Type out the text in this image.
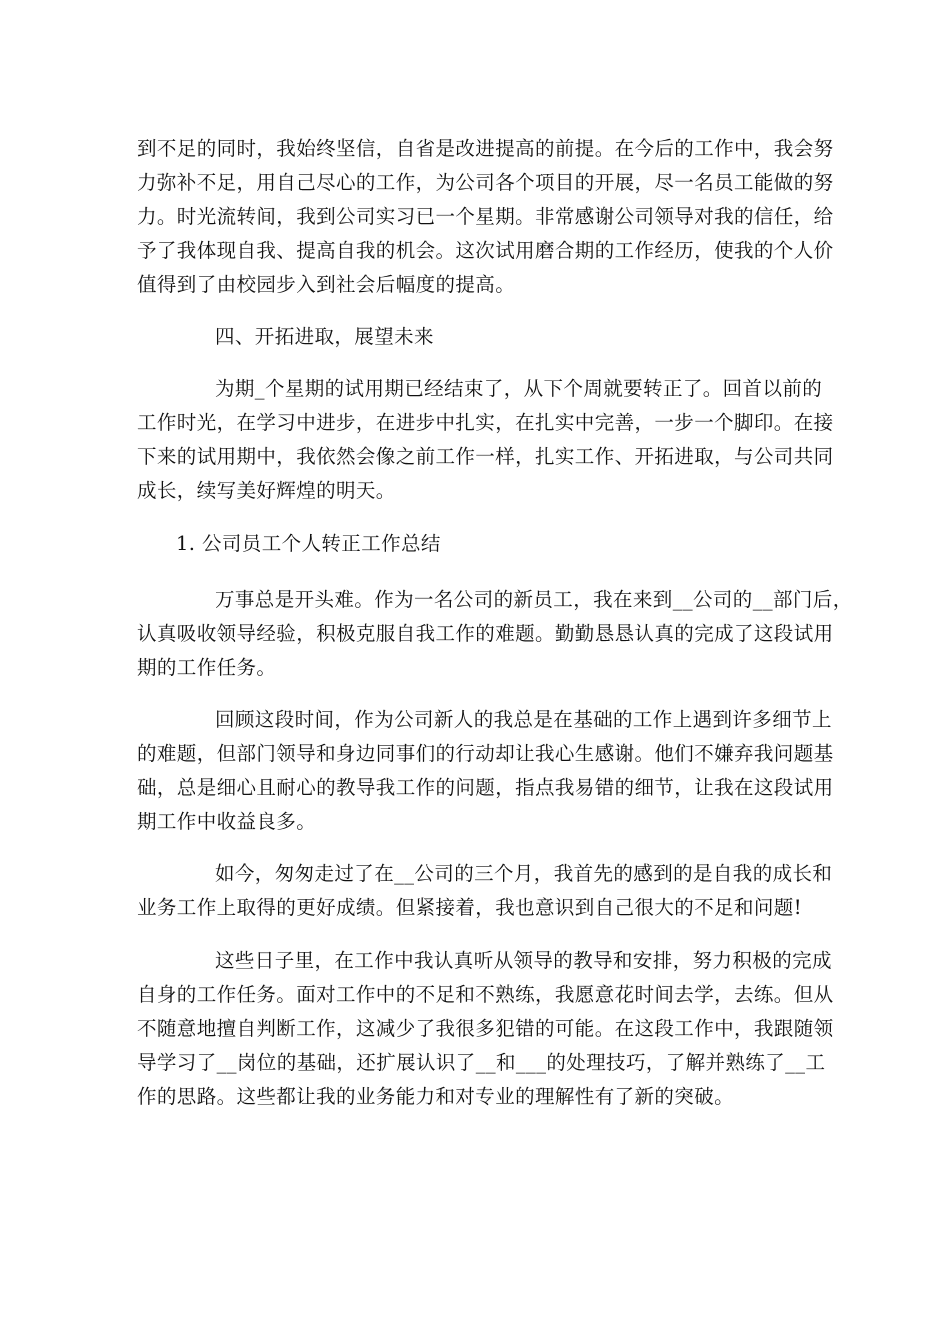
到不足的同时，我始终坚信，自省是改进提高的前提。在今后的工作中，我会努
力弥补不足，用自己尽心的工作，为公司各个项目的开展，尽一名员工能做的努
力。时光流转间，我到公司实习已一个星期。非常感谢公司领导对我的信任，给
予了我体现自我、提高自我的机会。这次试用磨合期的工作经历，使我的个人价
值得到了由校园步入到社会后幅度的提高。
四、开拓进取，展望未来
为期_个星期的试用期已经结束了，从下个周就要转正了。回首以前的
工作时光，在学习中进步，在进步中扎实，在扎实中完善，一步一个脚印。在接
下来的试用期中，我依然会像之前工作一样，扎实工作、开拓进取，与公司共同
成长，续写美好辉煌的明天。
1. 公司员工个人转正工作总结
万事总是开头难。作为一名公司的新员工，我在来到__公司的__部门后，
认真吸收领导经验，积极克服自我工作的难题。勤勤恳恳认真的完成了这段试用
期的工作任务。
回顾这段时间，作为公司新人的我总是在基础的工作上遇到许多细节上
的难题，但部门领导和身边同事们的行动却让我心生感谢。他们不嫌弃我问题基
础，总是细心且耐心的教导我工作的问题，指点我易错的细节，让我在这段试用
期工作中收益良多。
如今，匆匆走过了在__公司的三个月，我首先的感到的是自我的成长和
业务工作上取得的更好成绩。但紧接着，我也意识到自己很大的不足和问题!
这些日子里，在工作中我认真听从领导的教导和安排，努力积极的完成
自身的工作任务。面对工作中的不足和不熟练，我愿意花时间去学，去练。但从
不随意地擅自判断工作，这减少了我很多犯错的可能。在这段工作中，我跟随领
导学习了__岗位的基础，还扩展认识了__和___的处理技巧，了解并熟练了__工
作的思路。这些都让我的业务能力和对专业的理解性有了新的突破。
